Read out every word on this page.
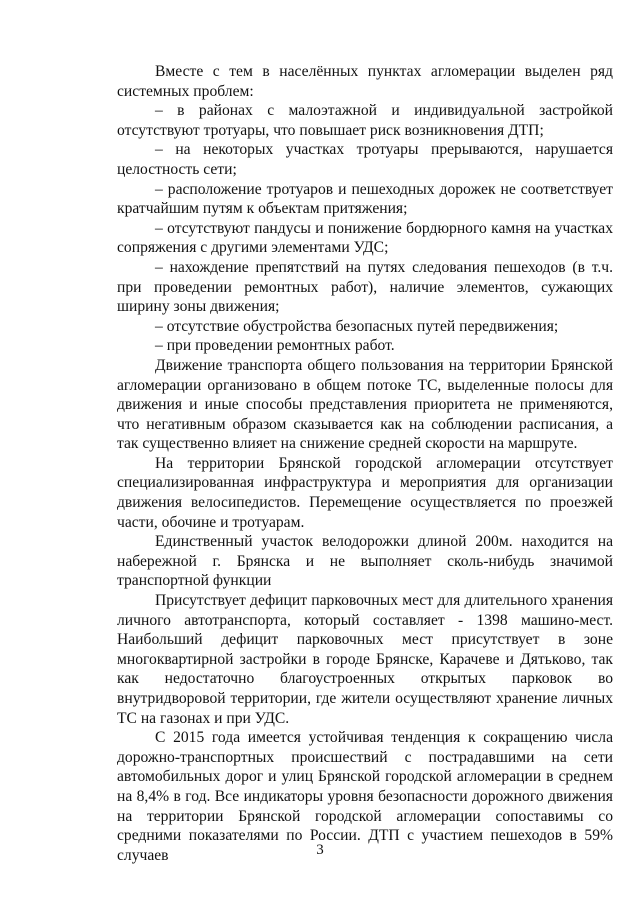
Вместе с тем в населённых пунктах агломерации выделен ряд системных проблем:

– в районах с малоэтажной и индивидуальной застройкой отсутствуют тротуары, что повышает риск возникновения ДТП;

– на некоторых участках тротуары прерываются, нарушается целостность сети;

– расположение тротуаров и пешеходных дорожек не соответствует кратчайшим путям к объектам притяжения;

– отсутствуют пандусы и понижение бордюрного камня на участках сопряжения с другими элементами УДС;

– нахождение препятствий на путях следования пешеходов (в т.ч. при проведении ремонтных работ), наличие элементов, сужающих ширину зоны движения;

– отсутствие обустройства безопасных путей передвижения;

– при проведении ремонтных работ.

Движение транспорта общего пользования на территории Брянской агломерации организовано в общем потоке ТС, выделенные полосы для движения и иные способы представления приоритета не применяются, что негативным образом сказывается как на соблюдении расписания, а так существенно влияет на снижение средней скорости на маршруте.

На территории Брянской городской агломерации отсутствует специализированная инфраструктура и мероприятия для организации движения велосипедистов. Перемещение осуществляется по проезжей части, обочине и тротуарам.

Единственный участок велодорожки длиной 200м. находится на набережной г. Брянска и не выполняет сколь-нибудь значимой транспортной функции

Присутствует дефицит парковочных мест для длительного хранения личного автотранспорта, который составляет - 1398 машино-мест. Наибольший дефицит парковочных мест присутствует в зоне многоквартирной застройки в городе Брянске, Карачеве и Дятьково, так как недостаточно благоустроенных открытых парковок во внутридворовой территории, где жители осуществляют хранение личных ТС на газонах и при УДС.

С 2015 года имеется устойчивая тенденция к сокращению числа дорожно-транспортных происшествий с пострадавшими на сети автомобильных дорог и улиц Брянской городской агломерации в среднем на 8,4% в год. Все индикаторы уровня безопасности дорожного движения на территории Брянской городской агломерации сопоставимы со средними показателями по России. ДТП с участием пешеходов в 59% случаев	3
